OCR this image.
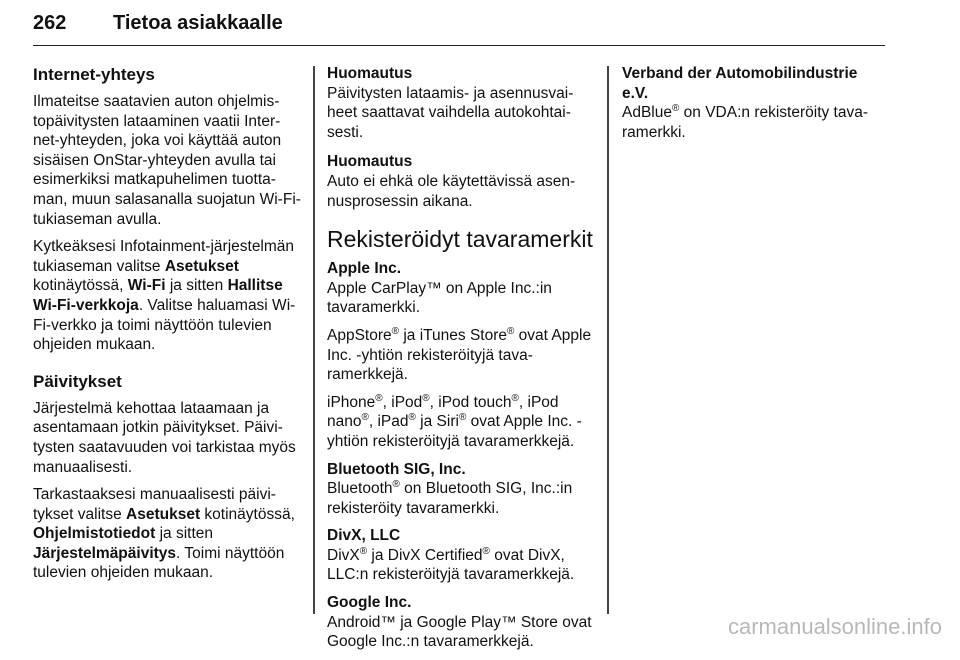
262 Tietoa asiakkaalle
Internet-yhteys
Ilmateitse saatavien auton ohjelmistopäivitysten lataaminen vaatii Internet-yhteyden, joka voi käyttää auton sisäisen OnStar-yhteyden avulla tai esimerkiksi matkapuhelimen tuottaman, muun salasanalla suojatun Wi-Fi-tukiaseman avulla.
Kytkeäksesi Infotainment-järjestelmän tukiaseman valitse Asetukset kotinäytössä, Wi-Fi ja sitten Hallitse Wi-Fi-verkkoja. Valitse haluamasi Wi-Fi-verkko ja toimi näyttöön tulevien ohjeiden mukaan.
Päivitykset
Järjestelmä kehottaa lataamaan ja asentamaan jotkin päivitykset. Päivitysten saatavuuden voi tarkistaa myös manuaalisesti.
Tarkastaaksesi manuaalisesti päivitykset valitse Asetukset kotinäytössä, Ohjelmistotiedot ja sitten Järjestelmäpäivitys. Toimi näyttöön tulevien ohjeiden mukaan.
Huomautus
Päivitysten lataamis- ja asennusvaiheet saattavat vaihdella autokohtaisesti.
Huomautus
Auto ei ehkä ole käytettävissä asennusprosessin aikana.
Rekisteröidyt tavaramerkit
Apple Inc.
Apple CarPlay™ on Apple Inc.:in tavaramerkki.
AppStore® ja iTunes Store® ovat Apple Inc. -yhtiön rekisteröityjä tavaramerkkejä.
iPhone®, iPod®, iPod touch®, iPod nano®, iPad® ja Siri® ovat Apple Inc. -yhtiön rekisteröityjä tavaramerkkejä.
Bluetooth SIG, Inc.
Bluetooth® on Bluetooth SIG, Inc.:in rekisteröity tavaramerkki.
DivX, LLC
DivX® ja DivX Certified® ovat DivX, LLC:n rekisteröityjä tavaramerkkejä.
Google Inc.
Android™ ja Google Play™ Store ovat Google Inc.:n tavaramerkkejä.
Verband der Automobilindustrie e.V.
AdBlue® on VDA:n rekisteröity tavaramerkki.
carmanualsonline.info
